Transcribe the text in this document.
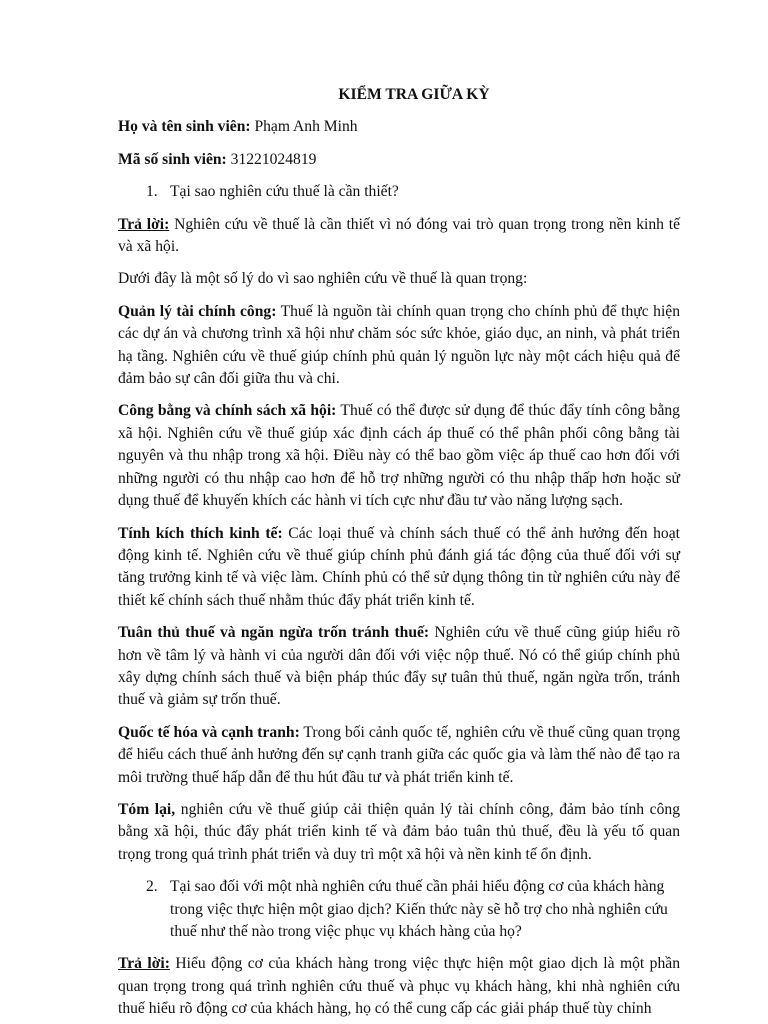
KIỂM TRA GIỮA KỲ
Họ và tên sinh viên: Phạm Anh Minh
Mã số sinh viên: 31221024819
1. Tại sao nghiên cứu thuế là cần thiết?

Trả lời: Nghiên cứu về thuế là cần thiết vì nó đóng vai trò quan trọng trong nền kinh tế và xã hội.

Dưới đây là một số lý do vì sao nghiên cứu về thuế là quan trọng:

Quản lý tài chính công: Thuế là nguồn tài chính quan trọng cho chính phủ để thực hiện các dự án và chương trình xã hội như chăm sóc sức khỏe, giáo dục, an ninh, và phát triển hạ tầng. Nghiên cứu về thuế giúp chính phủ quản lý nguồn lực này một cách hiệu quả để đảm bảo sự cân đối giữa thu và chi.

Công bằng và chính sách xã hội: Thuế có thể được sử dụng để thúc đẩy tính công bằng xã hội. Nghiên cứu về thuế giúp xác định cách áp thuế có thể phân phối công bằng tài nguyên và thu nhập trong xã hội. Điều này có thể bao gồm việc áp thuế cao hơn đối với những người có thu nhập cao hơn để hỗ trợ những người có thu nhập thấp hơn hoặc sử dụng thuế để khuyến khích các hành vi tích cực như đầu tư vào năng lượng sạch.

Tính kích thích kinh tế: Các loại thuế và chính sách thuế có thể ảnh hưởng đến hoạt động kinh tế. Nghiên cứu về thuế giúp chính phủ đánh giá tác động của thuế đối với sự tăng trưởng kinh tế và việc làm. Chính phủ có thể sử dụng thông tin từ nghiên cứu này để thiết kế chính sách thuế nhằm thúc đẩy phát triển kinh tế.

Tuân thủ thuế và ngăn ngừa trốn tránh thuế: Nghiên cứu về thuế cũng giúp hiểu rõ hơn về tâm lý và hành vi của người dân đối với việc nộp thuế. Nó có thể giúp chính phủ xây dựng chính sách thuế và biện pháp thúc đẩy sự tuân thủ thuế, ngăn ngừa trốn, tránh thuế và giảm sự trốn thuế.

Quốc tế hóa và cạnh tranh: Trong bối cảnh quốc tế, nghiên cứu về thuế cũng quan trọng để hiểu cách thuế ảnh hưởng đến sự cạnh tranh giữa các quốc gia và làm thế nào để tạo ra môi trường thuế hấp dẫn để thu hút đầu tư và phát triển kinh tế.

Tóm lại, nghiên cứu về thuế giúp cải thiện quản lý tài chính công, đảm bảo tính công bằng xã hội, thúc đẩy phát triển kinh tế và đảm bảo tuân thủ thuế, đều là yếu tố quan trọng trong quá trình phát triển và duy trì một xã hội và nền kinh tế ổn định.

2. Tại sao đối với một nhà nghiên cứu thuế cần phải hiểu động cơ của khách hàng trong việc thực hiện một giao dịch? Kiến thức này sẽ hỗ trợ cho nhà nghiên cứu thuế như thế nào trong việc phục vụ khách hàng của họ?

Trả lời: Hiểu động cơ của khách hàng trong việc thực hiện một giao dịch là một phần quan trọng trong quá trình nghiên cứu thuế và phục vụ khách hàng, khi nhà nghiên cứu thuế hiểu rõ động cơ của khách hàng, họ có thể cung cấp các giải pháp thuế tùy chỉnh
